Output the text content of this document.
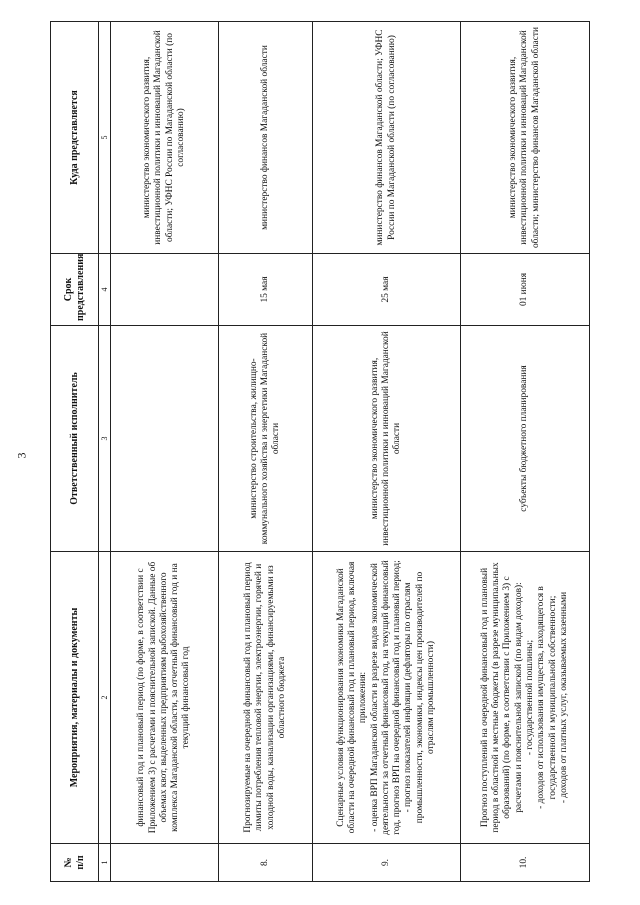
3
№
п/п	Мероприятия, материалы и документы	Ответственный исполнитель	Срок
представления	Куда представляется
1	2	3	4	5
	финансовый год и плановый период (по форме, в соответствии с Приложением 3) с расчетами и пояснительной запиской. Данные об объемах квот, выделенных предприятиям рыбохозяйственного комплекса Магаданской области, за отчетный финансовый год и на текущий финансовый год			министерство экономического развития, инвестиционной политики и инноваций Магаданской области; УФНС России по Магаданской области (по согласованию)
8.	Прогнозируемые на очередной финансовый год и плановый период лимиты потребления тепловой энергии, электроэнергии, горячей и холодной воды, канализации организациями, финансируемыми из областного бюджета	министерство строительства, жилищно-коммунального хозяйства и энергетики Магаданской области	15 мая	министерство финансов Магаданской области
9.	Сценарные условия функционирования экономики Магаданской области на очередной финансовый год и плановый период, включая приложения:
- оценка ВРП Магаданской области в разрезе видов экономической деятельности за отчетный финансовый год, на текущий финансовый год, прогноз ВРП на очередной финансовый год и плановый период;
- прогноз показателей инфляции (дефляторы по отраслям промышленности, экономики, индексы цен производителей по отраслям промышленности)	министерство экономического развития, инвестиционной политики и инноваций Магаданской области	25 мая	министерство финансов Магаданской области; УФНС России по Магаданской области (по согласованию)
10.	Прогноз поступлений на очередной финансовый год и плановый период в областной и местные бюджеты (в разрезе муниципальных образований) (по форме, в соответствии с Приложением 3) с расчетами и пояснительной запиской (по видам доходов):
- государственной пошлины;
- доходов от использования имущества, находящегося в государственной и муниципальной собственности;
- доходов от платных услуг, оказываемых казенными	субъекты бюджетного планирования	01 июня	министерство экономического развития, инвестиционной политики и инноваций Магаданской области; министерство финансов Магаданской области
